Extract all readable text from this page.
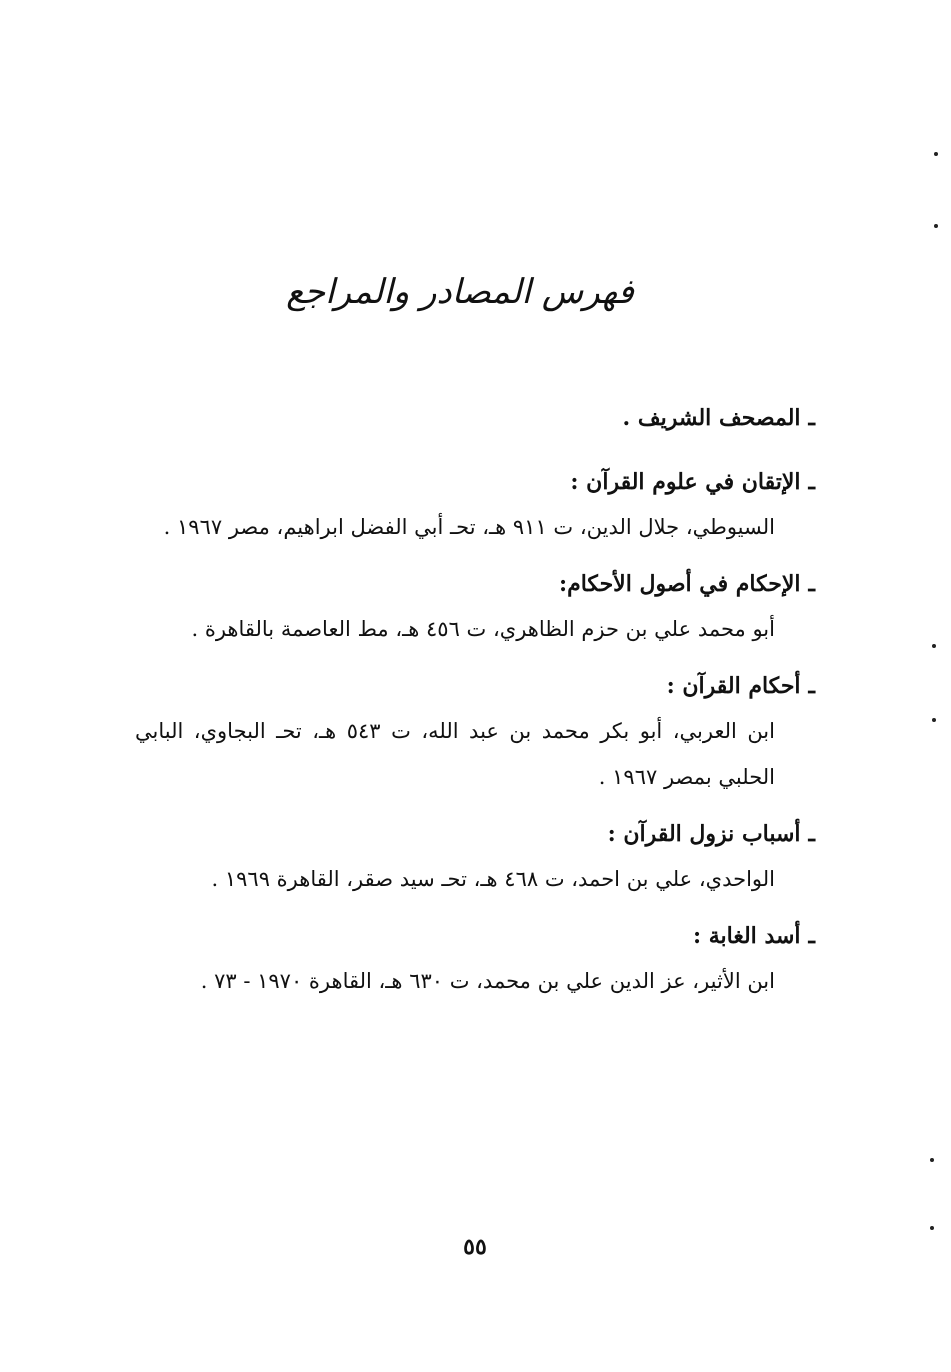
فهرس المصادر والمراجع
ـالمصحف الشريف .
ـالإتقان في علوم القرآن :
السيوطي، جلال الدين، ت ٩١١ هـ، تحـ أبي الفضل ابراهيم، مصر ١٩٦٧ .
ـالإحكام في أصول الأحكام:
أبو محمد علي بن حزم الظاهري، ت ٤٥٦ هـ، مط العاصمة بالقاهرة .
ـأحكام القرآن :
ابن العربي، أبو بكر محمد بن عبد الله، ت ٥٤٣ هـ، تحـ البجاوي، البابي الحلبي بمصر ١٩٦٧ .
ـأسباب نزول القرآن :
الواحدي، علي بن احمد، ت ٤٦٨ هـ، تحـ سيد صقر، القاهرة ١٩٦٩ .
ـأسد الغابة :
ابن الأثير، عز الدين علي بن محمد، ت ٦٣٠ هـ، القاهرة ١٩٧٠ - ٧٣ .
٥٥
